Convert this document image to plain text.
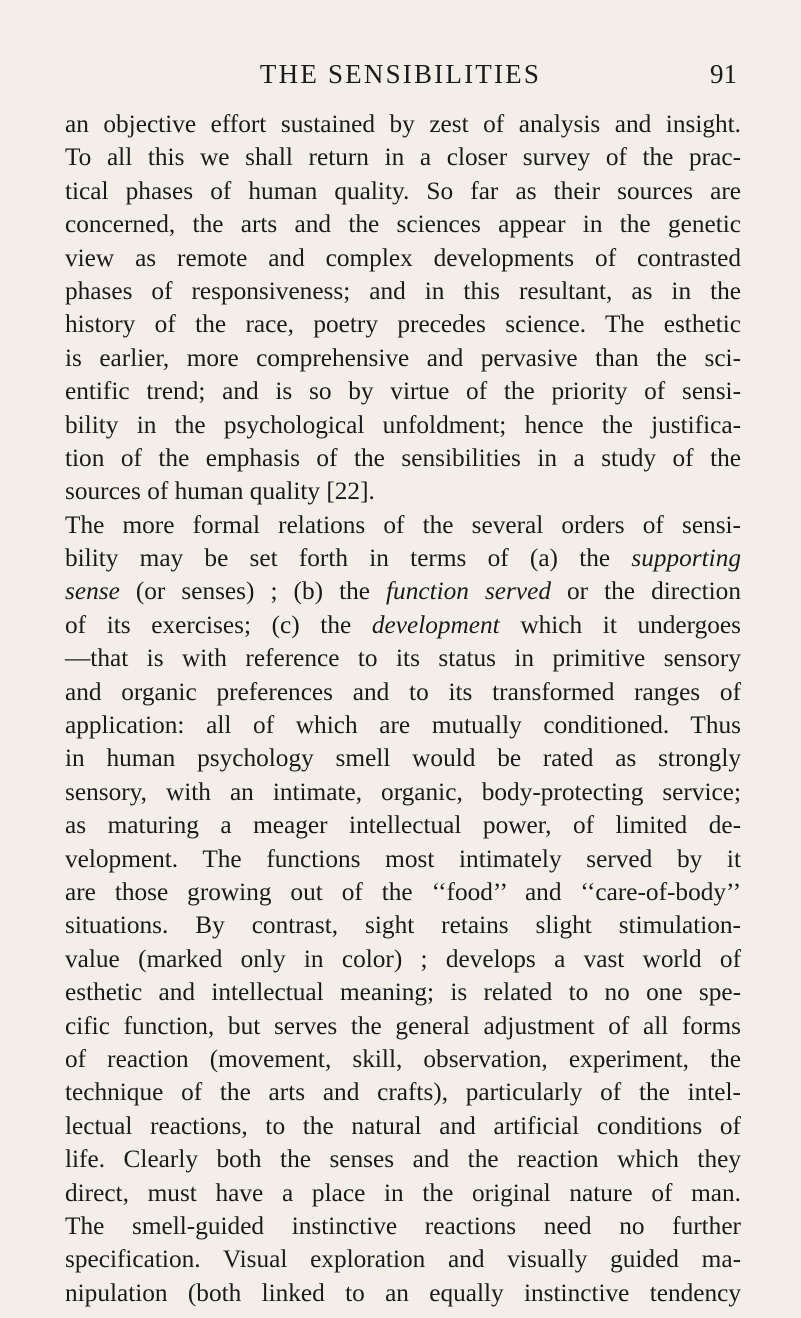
THE SENSIBILITIES	91
an objective effort sustained by zest of analysis and insight.
To all this we shall return in a closer survey of the prac-
tical phases of human quality. So far as their sources are
concerned, the arts and the sciences appear in the genetic
view as remote and complex developments of contrasted
phases of responsiveness; and in this resultant, as in the
history of the race, poetry precedes science. The esthetic
is earlier, more comprehensive and pervasive than the sci-
entific trend; and is so by virtue of the priority of sensi-
bility in the psychological unfoldment; hence the justifica-
tion of the emphasis of the sensibilities in a study of the
sources of human quality [22].
The more formal relations of the several orders of sensi-
bility may be set forth in terms of (a) the supporting
sense (or senses) ; (b) the function served or the direction
of its exercises; (c) the development which it undergoes
—that is with reference to its status in primitive sensory
and organic preferences and to its transformed ranges of
application: all of which are mutually conditioned. Thus
in human psychology smell would be rated as strongly
sensory, with an intimate, organic, body-protecting service;
as maturing a meager intellectual power, of limited de-
velopment. The functions most intimately served by it
are those growing out of the ‘‘food’’ and ‘‘care-of-body’’
situations. By contrast, sight retains slight stimulation-
value (marked only in color) ; develops a vast world of
esthetic and intellectual meaning; is related to no one spe-
cific function, but serves the general adjustment of all forms
of reaction (movement, skill, observation, experiment, the
technique of the arts and crafts), particularly of the intel-
lectual reactions, to the natural and artificial conditions of
life. Clearly both the senses and the reaction which they
direct, must have a place in the original nature of man.
The smell-guided instinctive reactions need no further
specification. Visual exploration and visually guided ma-
nipulation (both linked to an equally instinctive tendency
